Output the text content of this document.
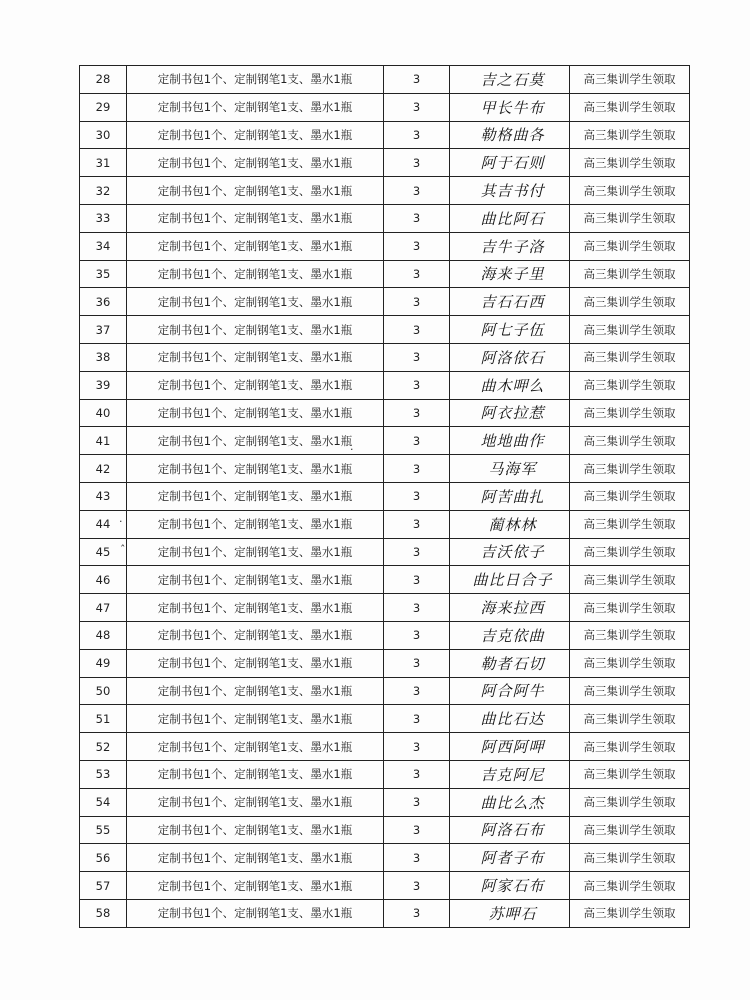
28	定制书包1个、定制钢笔1支、墨水1瓶	3	吉之石莫	高三集训学生领取
29	定制书包1个、定制钢笔1支、墨水1瓶	3	甲长牛布	高三集训学生领取
30	定制书包1个、定制钢笔1支、墨水1瓶	3	勒格曲各	高三集训学生领取
31	定制书包1个、定制钢笔1支、墨水1瓶	3	阿于石则	高三集训学生领取
32	定制书包1个、定制钢笔1支、墨水1瓶	3	其吉书付	高三集训学生领取
33	定制书包1个、定制钢笔1支、墨水1瓶	3	曲比阿石	高三集训学生领取
34	定制书包1个、定制钢笔1支、墨水1瓶	3	吉牛子洛	高三集训学生领取
35	定制书包1个、定制钢笔1支、墨水1瓶	3	海来子里	高三集训学生领取
36	定制书包1个、定制钢笔1支、墨水1瓶	3	吉石石西	高三集训学生领取
37	定制书包1个、定制钢笔1支、墨水1瓶	3	阿七子伍	高三集训学生领取
38	定制书包1个、定制钢笔1支、墨水1瓶	3	阿洛依石	高三集训学生领取
39	定制书包1个、定制钢笔1支、墨水1瓶	3	曲木呷么	高三集训学生领取
40	定制书包1个、定制钢笔1支、墨水1瓶	3	阿衣拉惹	高三集训学生领取
41	定制书包1个、定制钢笔1支、墨水1瓶	3	地地曲作	高三集训学生领取
42	定制书包1个、定制钢笔1支、墨水1瓶	3	马海军	高三集训学生领取
43	定制书包1个、定制钢笔1支、墨水1瓶	3	阿苦曲扎	高三集训学生领取
44	定制书包1个、定制钢笔1支、墨水1瓶	3	蔺林林	高三集训学生领取
45	定制书包1个、定制钢笔1支、墨水1瓶	3	吉沃依子	高三集训学生领取
46	定制书包1个、定制钢笔1支、墨水1瓶	3	曲比日合子	高三集训学生领取
47	定制书包1个、定制钢笔1支、墨水1瓶	3	海来拉西	高三集训学生领取
48	定制书包1个、定制钢笔1支、墨水1瓶	3	吉克依曲	高三集训学生领取
49	定制书包1个、定制钢笔1支、墨水1瓶	3	勒者石切	高三集训学生领取
50	定制书包1个、定制钢笔1支、墨水1瓶	3	阿合阿牛	高三集训学生领取
51	定制书包1个、定制钢笔1支、墨水1瓶	3	曲比石达	高三集训学生领取
52	定制书包1个、定制钢笔1支、墨水1瓶	3	阿西阿呷	高三集训学生领取
53	定制书包1个、定制钢笔1支、墨水1瓶	3	吉克阿尼	高三集训学生领取
54	定制书包1个、定制钢笔1支、墨水1瓶	3	曲比么杰	高三集训学生领取
55	定制书包1个、定制钢笔1支、墨水1瓶	3	阿洛石布	高三集训学生领取
56	定制书包1个、定制钢笔1支、墨水1瓶	3	阿者子布	高三集训学生领取
57	定制书包1个、定制钢笔1支、墨水1瓶	3	阿家石布	高三集训学生领取
58	定制书包1个、定制钢笔1支、墨水1瓶	3	苏呷石	高三集训学生领取
·
ˆ
·
